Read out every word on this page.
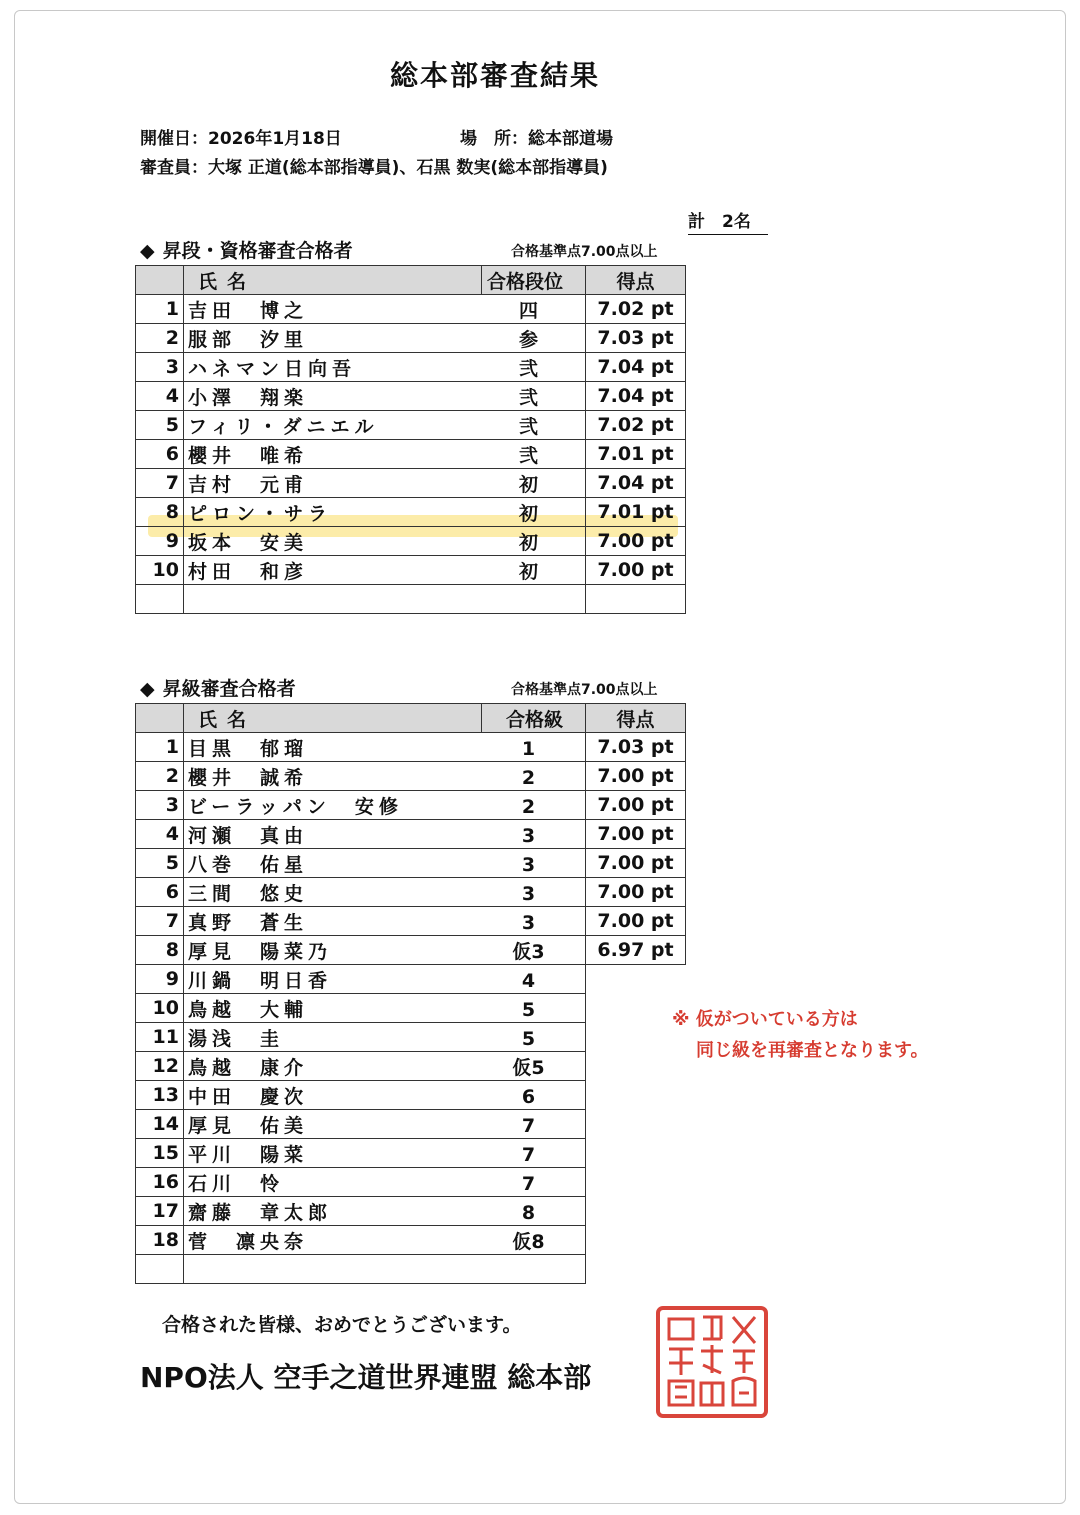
総本部審査結果
開催日：2026年1月18日	場　所：総本部道場
審査員：大塚 正道(総本部指導員)、石黒 数実(総本部指導員)
計　2名
◆ 昇段・資格審査合格者	合格基準点7.00点以上
	氏名	合格段位	得点
1	吉田　博之	四	7.02 pt
2	服部　汐里	参	7.03 pt
3	ハネマン日向吾	弐	7.04 pt
4	小澤　翔楽	弐	7.04 pt
5	フィリ・ダニエル	弐	7.02 pt
6	櫻井　唯希	弐	7.01 pt
7	吉村　元甫	初	7.04 pt
8	ピロン・サラ	初	7.01 pt
9	坂本　安美	初	7.00 pt
10	村田　和彦	初	7.00 pt

◆ 昇級審査合格者	合格基準点7.00点以上
	氏名	合格級	得点
1	目黒　郁瑠	1	7.03 pt
2	櫻井　誠希	2	7.00 pt
3	ビーラッパン　安修	2	7.00 pt
4	河瀬　真由	3	7.00 pt
5	八巻　佑星	3	7.00 pt
6	三間　悠史	3	7.00 pt
7	真野　蒼生	3	7.00 pt
8	厚見　陽菜乃	仮3	6.97 pt
9	川鍋　明日香	4	
10	鳥越　大輔	5	
11	湯浅　圭	5	
12	鳥越　康介	仮5	
13	中田　慶次	6	
14	厚見　佑美	7	
15	平川　陽菜	7	
16	石川　怜	7	
17	齋藤　章太郎	8	
18	菅　凛央奈	仮8	

※ 仮がついている方は
同じ級を再審査となります。
合格された皆様、おめでとうございます。
NPO法人 空手之道世界連盟 総本部
